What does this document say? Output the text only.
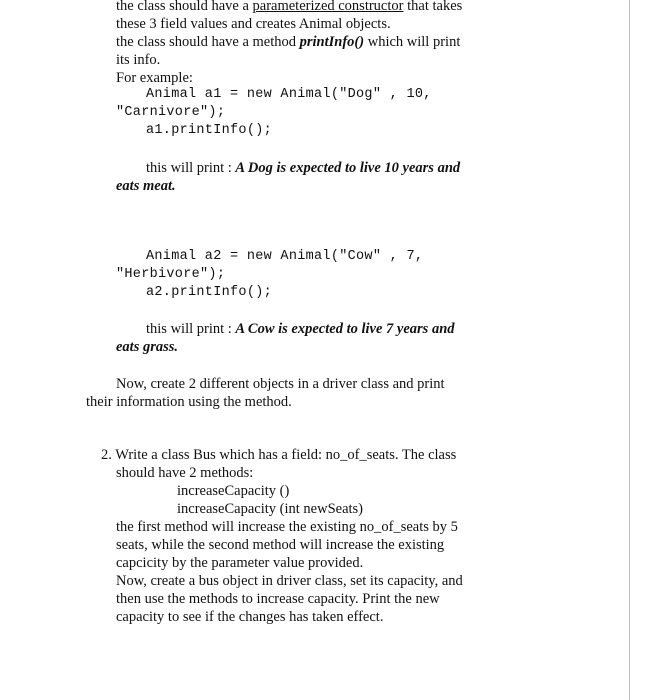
the class should have a parameterized constructor that takes
these 3 field values and creates Animal objects.
the class should have a method printInfo() which will print
its info.
For example:
Animal a1 = new Animal("Dog" , 10,
"Carnivore");
a1.printInfo();
this will print : A Dog is expected to live 10 years and
eats meat.
Animal a2 = new Animal("Cow" , 7,
"Herbivore");
a2.printInfo();
this will print : A Cow is expected to live 7 years and
eats grass.
Now, create 2 different objects in a driver class and print
their information using the method.
2. Write a class Bus which has a field: no_of_seats. The class
should have 2 methods:
increaseCapacity ()
increaseCapacity (int newSeats)
the first method will increase the existing no_of_seats by 5
seats, while the second method will increase the existing
capcicity by the parameter value provided.
Now, create a bus object in driver class, set its capacity, and
then use the methods to increase capacity. Print the new
capacity to see if the changes has taken effect.
